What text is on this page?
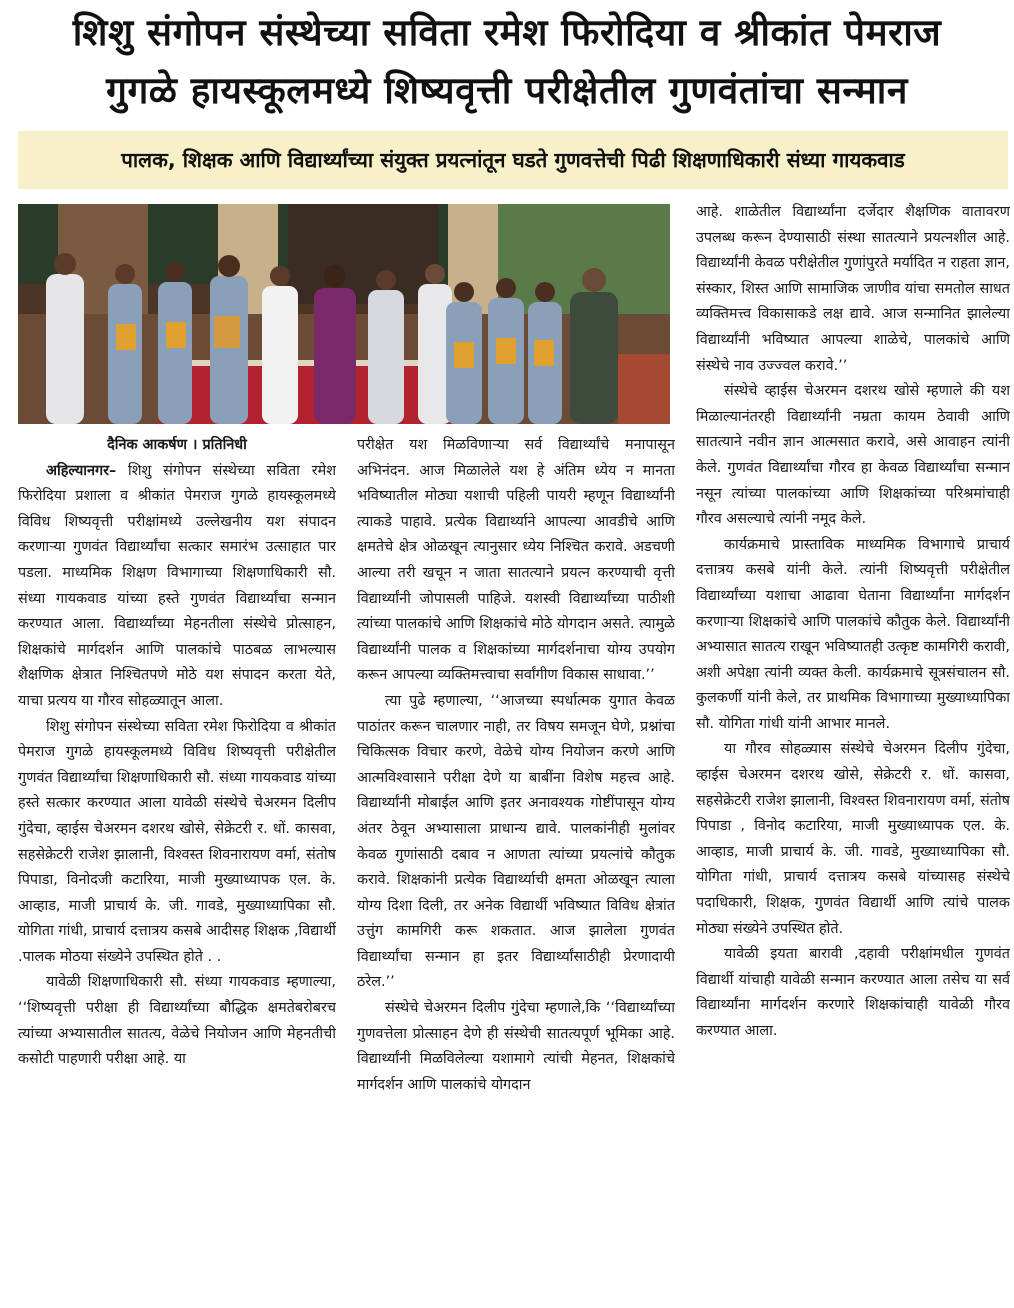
शिशु संगोपन संस्थेच्या सविता रमेश फिरोदिया व श्रीकांत पेमराज
गुगळे हायस्कूलमध्ये शिष्यवृत्ती परीक्षेतील गुणवंतांचा सन्मान
पालक, शिक्षक आणि विद्यार्थ्यांच्या संयुक्त प्रयत्नांतून घडते गुणवत्तेची पिढी शिक्षणाधिकारी संध्या गायकवाड

दैनिक आकर्षण । प्रतिनिधी

अहिल्यानगर– शिशु संगोपन संस्थेच्या सविता रमेश फिरोदिया प्रशाला व श्रीकांत पेमराज गुगळे हायस्कूलमध्ये विविध शिष्यवृत्ती परीक्षांमध्ये उल्लेखनीय यश संपादन करणाऱ्या गुणवंत विद्यार्थ्यांचा सत्कार समारंभ उत्साहात पार पडला. माध्यमिक शिक्षण विभागाच्या शिक्षणाधिकारी सौ. संध्या गायकवाड यांच्या हस्ते गुणवंत विद्यार्थ्यांचा सन्मान करण्यात आला. विद्यार्थ्यांच्या मेहनतीला संस्थेचे प्रोत्साहन, शिक्षकांचे मार्गदर्शन आणि पालकांचे पाठबळ लाभल्यास शैक्षणिक क्षेत्रात निश्चितपणे मोठे यश संपादन करता येते, याचा प्रत्यय या गौरव सोहळ्यातून आला.

शिशु संगोपन संस्थेच्या सविता रमेश फिरोदिया व श्रीकांत पेमराज गुगळे हायस्कूलमध्ये विविध शिष्यवृत्ती परीक्षेतील गुणवंत विद्यार्थ्यांचा शिक्षणाधिकारी सौ. संध्या गायकवाड यांच्या हस्ते सत्कार करण्यात आला यावेळी संस्थेचे चेअरमन दिलीप गुंदेचा, व्हाईस चेअरमन दशरथ खोसे, सेक्रेटरी र. धों. कासवा, सहसेक्रेटरी राजेश झालानी, विश्वस्त शिवनारायण वर्मा, संतोष पिपाडा, विनोदजी कटारिया, माजी मुख्याध्यापक एल. के. आव्हाड, माजी प्राचार्य के. जी. गावडे, मुख्याध्यापिका सौ. योगिता गांधी, प्राचार्य दत्तात्रय कसबे आदीसह शिक्षक ,विद्यार्थी .पालक मोठया संख्येने उपस्थित होते . .

यावेळी शिक्षणाधिकारी सौ. संध्या गायकवाड म्हणाल्या, ‘‘शिष्यवृत्ती परीक्षा ही विद्यार्थ्यांच्या बौद्धिक क्षमतेबरोबरच त्यांच्या अभ्यासातील सातत्य, वेळेचे नियोजन आणि मेहनतीची कसोटी पाहणारी परीक्षा आहे. या

परीक्षेत यश मिळविणाऱ्या सर्व विद्यार्थ्यांचे मनापासून अभिनंदन. आज मिळालेले यश हे अंतिम ध्येय न मानता भविष्यातील मोठ्या यशाची पहिली पायरी म्हणून विद्यार्थ्यांनी त्याकडे पाहावे. प्रत्येक विद्यार्थ्याने आपल्या आवडीचे आणि क्षमतेचे क्षेत्र ओळखून त्यानुसार ध्येय निश्चित करावे. अडचणी आल्या तरी खचून न जाता सातत्याने प्रयत्न करण्याची वृत्ती विद्यार्थ्यांनी जोपासली पाहिजे. यशस्वी विद्यार्थ्यांच्या पाठीशी त्यांच्या पालकांचे आणि शिक्षकांचे मोठे योगदान असते. त्यामुळे विद्यार्थ्यांनी पालक व शिक्षकांच्या मार्गदर्शनाचा योग्य उपयोग करून आपल्या व्यक्तिमत्त्वाचा सर्वांगीण विकास साधावा.’’

त्या पुढे म्हणाल्या, ‘‘आजच्या स्पर्धात्मक युगात केवळ पाठांतर करून चालणार नाही, तर विषय समजून घेणे, प्रश्नांचा चिकित्सक विचार करणे, वेळेचे योग्य नियोजन करणे आणि आत्मविश्वासाने परीक्षा देणे या बाबींना विशेष महत्त्व आहे. विद्यार्थ्यांनी मोबाईल आणि इतर अनावश्यक गोष्टींपासून योग्य अंतर ठेवून अभ्यासाला प्राधान्य द्यावे. पालकांनीही मुलांवर केवळ गुणांसाठी दबाव न आणता त्यांच्या प्रयत्नांचे कौतुक करावे. शिक्षकांनी प्रत्येक विद्यार्थ्याची क्षमता ओळखून त्याला योग्य दिशा दिली, तर अनेक विद्यार्थी भविष्यात विविध क्षेत्रांत उत्तुंग कामगिरी करू शकतात. आज झालेला गुणवंत विद्यार्थ्यांचा सन्मान हा इतर विद्यार्थ्यांसाठीही प्रेरणादायी ठरेल.’’

संस्थेचे चेअरमन दिलीप गुंदेचा म्हणाले,कि ‘‘विद्यार्थ्यांच्या गुणवत्तेला प्रोत्साहन देणे ही संस्थेची सातत्यपूर्ण भूमिका आहे. विद्यार्थ्यांनी मिळविलेल्या यशामागे त्यांची मेहनत, शिक्षकांचे मार्गदर्शन आणि पालकांचे योगदान

आहे. शाळेतील विद्यार्थ्यांना दर्जेदार शैक्षणिक वातावरण उपलब्ध करून देण्यासाठी संस्था सातत्याने प्रयत्नशील आहे. विद्यार्थ्यांनी केवळ परीक्षेतील गुणांपुरते मर्यादित न राहता ज्ञान, संस्कार, शिस्त आणि सामाजिक जाणीव यांचा समतोल साधत व्यक्तिमत्त्व विकासाकडे लक्ष द्यावे. आज सन्मानित झालेल्या विद्यार्थ्यांनी भविष्यात आपल्या शाळेचे, पालकांचे आणि संस्थेचे नाव उज्ज्वल करावे.’’

संस्थेचे व्हाईस चेअरमन दशरथ खोसे म्हणाले की यश मिळाल्यानंतरही विद्यार्थ्यांनी नम्रता कायम ठेवावी आणि सातत्याने नवीन ज्ञान आत्मसात करावे, असे आवाहन त्यांनी केले. गुणवंत विद्यार्थ्यांचा गौरव हा केवळ विद्यार्थ्यांचा सन्मान नसून त्यांच्या पालकांच्या आणि शिक्षकांच्या परिश्रमांचाही गौरव असल्याचे त्यांनी नमूद केले.

कार्यक्रमाचे प्रास्ताविक माध्यमिक विभागाचे प्राचार्य दत्तात्रय कसबे यांनी केले. त्यांनी शिष्यवृत्ती परीक्षेतील विद्यार्थ्यांच्या यशाचा आढावा घेताना विद्यार्थ्यांना मार्गदर्शन करणाऱ्या शिक्षकांचे आणि पालकांचे कौतुक केले. विद्यार्थ्यांनी अभ्यासात सातत्य राखून भविष्यातही उत्कृष्ट कामगिरी करावी, अशी अपेक्षा त्यांनी व्यक्त केली. कार्यक्रमाचे सूत्रसंचालन सौ. कुलकर्णी यांनी केले, तर प्राथमिक विभागाच्या मुख्याध्यापिका सौ. योगिता गांधी यांनी आभार मानले.

या गौरव सोहळ्यास संस्थेचे चेअरमन दिलीप गुंदेचा, व्हाईस चेअरमन दशरथ खोसे, सेक्रेटरी र. धों. कासवा, सहसेक्रेटरी राजेश झालानी, विश्वस्त शिवनारायण वर्मा, संतोष पिपाडा , विनोद कटारिया, माजी मुख्याध्यापक एल. के. आव्हाड, माजी प्राचार्य के. जी. गावडे, मुख्याध्यापिका सौ. योगिता गांधी, प्राचार्य दत्तात्रय कसबे यांच्यासह संस्थेचे पदाधिकारी, शिक्षक, गुणवंत विद्यार्थी आणि त्यांचे पालक मोठ्या संख्येने उपस्थित होते.

यावेळी इयता बारावी ,दहावी परीक्षांमधील गुणवंत विद्यार्थी यांचाही यावेळी सन्मान करण्यात आला तसेच या सर्व विद्यार्थ्यांना मार्गदर्शन करणारे शिक्षकांचाही यावेळी गौरव करण्यात आला.
